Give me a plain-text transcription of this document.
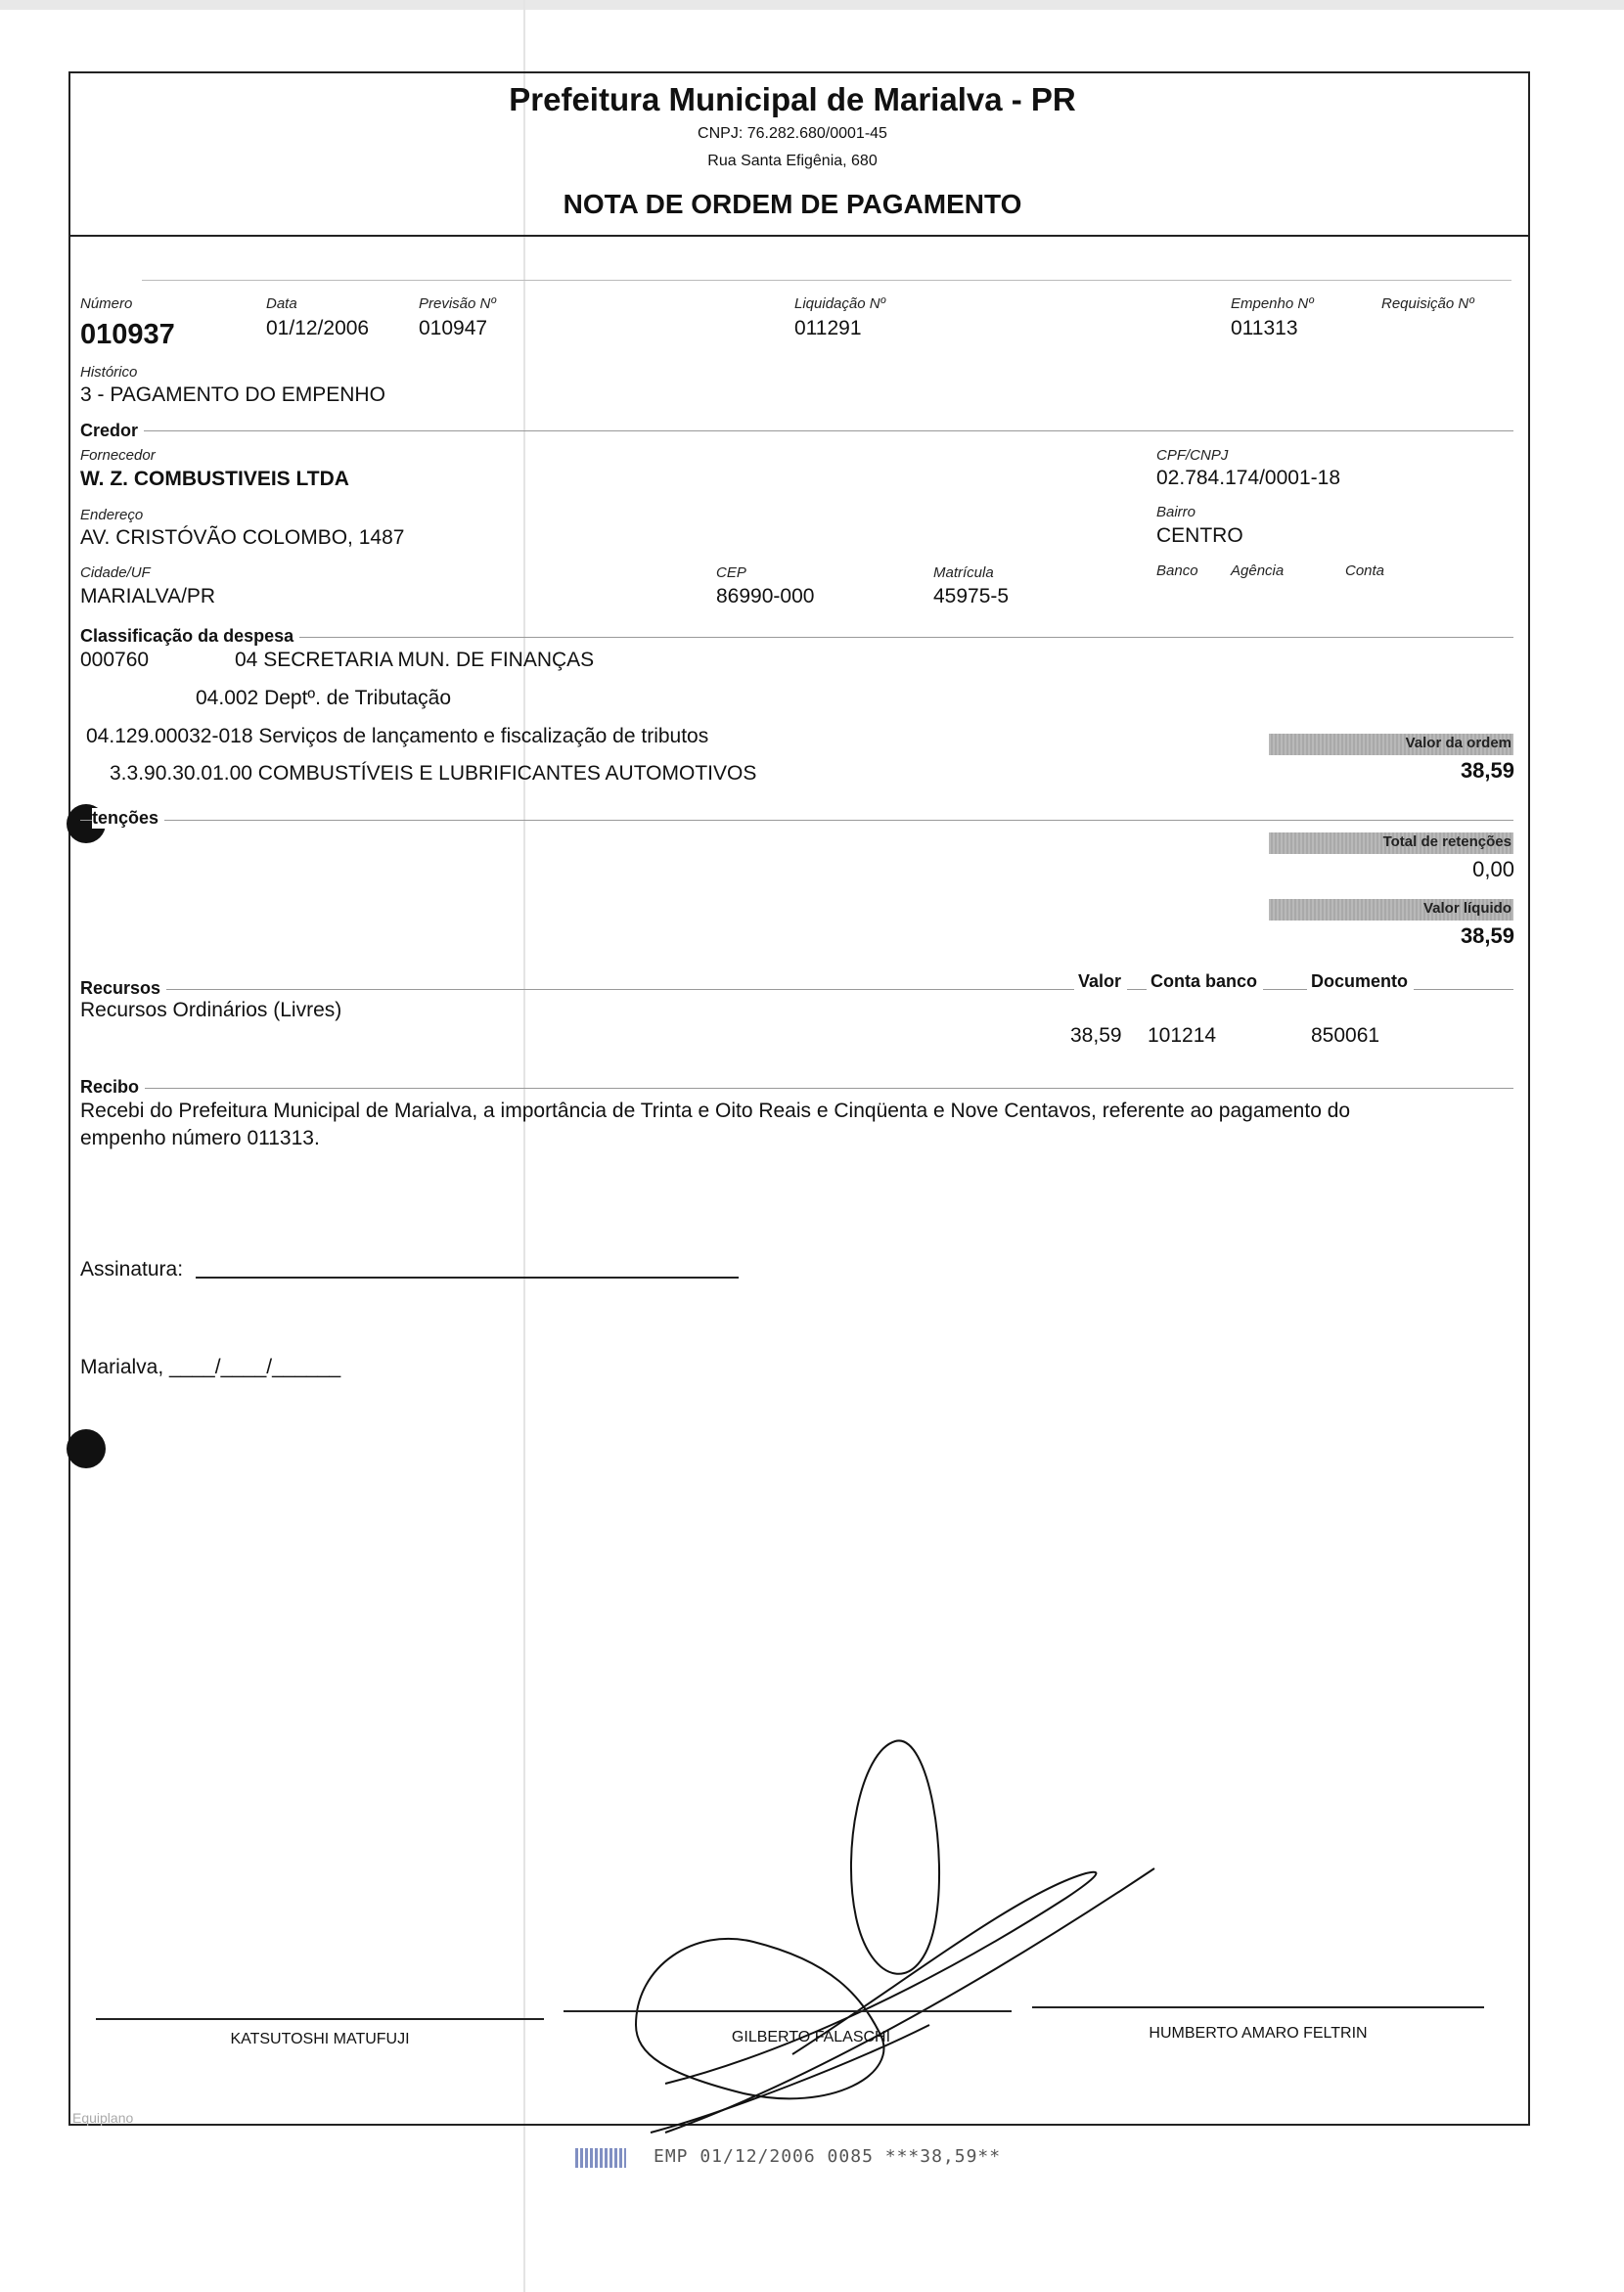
Prefeitura Municipal de Marialva - PR
CNPJ: 76.282.680/0001-45
Rua Santa Efigênia, 680
NOTA DE ORDEM DE PAGAMENTO
Número
010937
Data
01/12/2006
Previsão Nº
010947
Liquidação Nº
011291
Empenho Nº
011313
Requisição Nº
Histórico
3 - PAGAMENTO DO EMPENHO
Credor
Fornecedor
W. Z. COMBUSTIVEIS LTDA
CPF/CNPJ
02.784.174/0001-18
Endereço
AV. CRISTÓVÃO COLOMBO, 1487
Bairro
CENTRO
Cidade/UF
MARIALVA/PR
CEP
86990-000
Matrícula
45975-5
Banco Agência	Conta
Classificação da despesa
000760	04 SECRETARIA MUN. DE FINANÇAS
04.002 Deptº. de Tributação
04.129.00032-018 Serviços de lançamento e fiscalização de tributos
3.3.90.30.01.00 COMBUSTÍVEIS E LUBRIFICANTES AUTOMOTIVOS
Valor da ordem
38,59
tenções
Total de retenções
0,00
Valor líquido
38,59
Recursos	Valor	Conta banco	Documento
Recursos Ordinários (Livres)
38,59 101214	850061
Recibo
Recebi do Prefeitura Municipal de Marialva, a importância de Trinta e Oito Reais e Cinqüenta e Nove Centavos, referente ao pagamento do
empenho número 011313.
Assinatura:
Marialva, ____/____/______
KATSUTOSHI MATUFUJI	GILBERTO FALASCHI	HUMBERTO AMARO FELTRIN
Equiplano
EMP 01/12/2006 0085 ***38,59**
